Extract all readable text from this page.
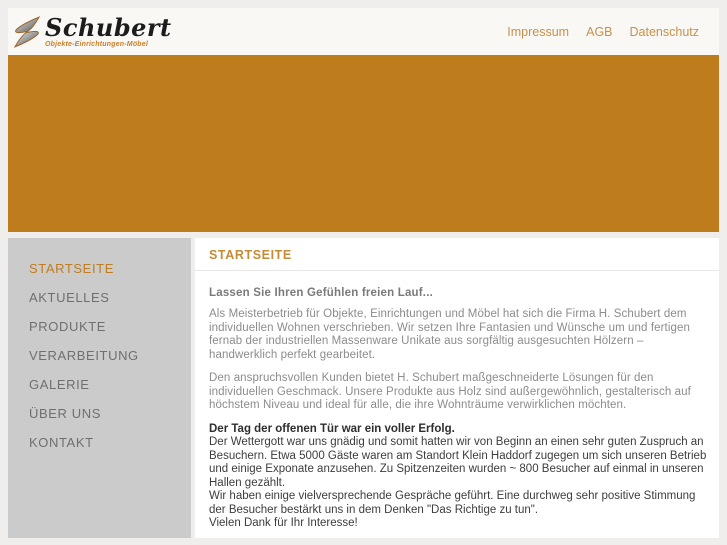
Schubert
Objekte-Einrichtungen-Möbel
Impressum AGB Datenschutz
STARTSEITE
AKTUELLES
PRODUKTE
VERARBEITUNG
GALERIE
ÜBER UNS
KONTAKT
STARTSEITE

Lassen Sie Ihren Gefühlen freien Lauf...

Als Meisterbetrieb für Objekte, Einrichtungen und Möbel hat sich die Firma H. Schubert dem individuellen Wohnen verschrieben. Wir setzen Ihre Fantasien und Wünsche um und fertigen fernab der industriellen Massenware Unikate aus sorgfältig ausgesuchten Hölzern – handwerklich perfekt gearbeitet.

Den anspruchsvollen Kunden bietet H. Schubert maßgeschneiderte Lösungen für den individuellen Geschmack. Unsere Produkte aus Holz sind außergewöhnlich, gestalterisch auf höchstem Niveau und ideal für alle, die ihre Wohnträume verwirklichen möchten.

Der Tag der offenen Tür war ein voller Erfolg.

Der Wettergott war uns gnädig und somit hatten wir von Beginn an einen sehr guten Zuspruch an Besuchern. Etwa 5000 Gäste waren am Standort Klein Haddorf zugegen um sich unseren Betrieb und einige Exponate anzusehen. Zu Spitzenzeiten wurden ~ 800 Besucher auf einmal in unseren Hallen gezählt.

Wir haben einige vielversprechende Gespräche geführt. Eine durchweg sehr positive Stimmung der Besucher bestärkt uns in dem Denken "Das Richtige zu tun".

Vielen Dank für Ihr Interesse!
